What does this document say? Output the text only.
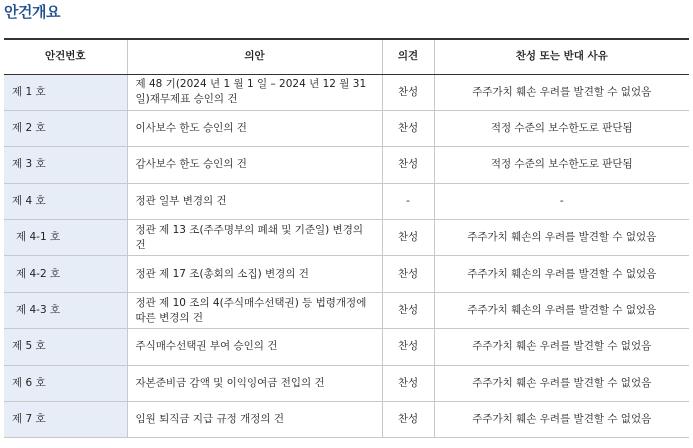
안건개요
안건번호	의안	의견	찬성 또는 반대 사유
제 1 호	제 48 기(2024 년 1 월 1 일 – 2024 년 12 월 31 일)재무제표 승인의 건	찬성	주주가치 훼손 우려를 발견할 수 없었음
제 2 호	이사보수 한도 승인의 건	찬성	적정 수준의 보수한도로 판단됨
제 3 호	감사보수 한도 승인의 건	찬성	적정 수준의 보수한도로 판단됨
제 4 호	정관 일부 변경의 건	-	-
제 4-1 호	정관 제 13 조(주주명부의 폐쇄 및 기준일) 변경의 건	찬성	주주가치 훼손의 우려를 발견할 수 없었음
제 4-2 호	정관 제 17 조(총회의 소집) 변경의 건	찬성	주주가치 훼손의 우려를 발견할 수 없었음
제 4-3 호	정관 제 10 조의 4(주식매수선택권) 등 법령개정에 따른 변경의 건	찬성	주주가치 훼손의 우려를 발견할 수 없었음
제 5 호	주식매수선택권 부여 승인의 건	찬성	주주가치 훼손 우려를 발견할 수 없었음
제 6 호	자본준비금 감액 및 이익잉여금 전입의 건	찬성	주주가치 훼손 우려를 발견할 수 없었음
제 7 호	임원 퇴직금 지급 규정 개정의 건	찬성	주주가치 훼손 우려를 발견할 수 없었음
